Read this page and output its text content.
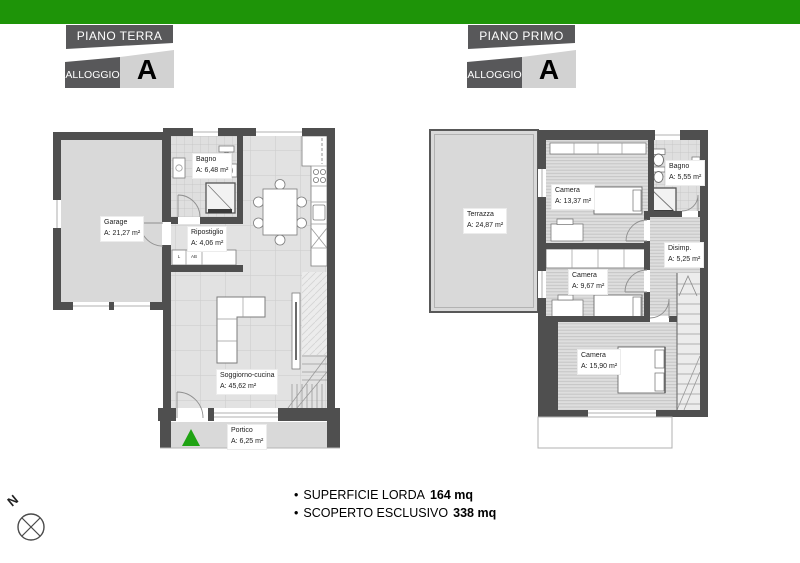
PIANO TERRA
ALLOGGIO A
PIANO PRIMO
ALLOGGIO A
Garage
A: 21,27 m²
Bagno
A: 6,48 m²
Ripostiglio
A: 4,06 m²
Soggiorno-cucina
A: 45,62 m²
Portico
A: 6,25 m²
L	AB
Terrazza
A: 24,87 m²
Camera
A: 13,37 m²
Bagno
A: 5,55 m²
Disimp.
A: 5,25 m²
Camera
A: 9,67 m²
Camera
A: 15,90 m²
• SUPERFICIE LORDA 164 mq
• SCOPERTO ESCLUSIVO 338 mq
N
